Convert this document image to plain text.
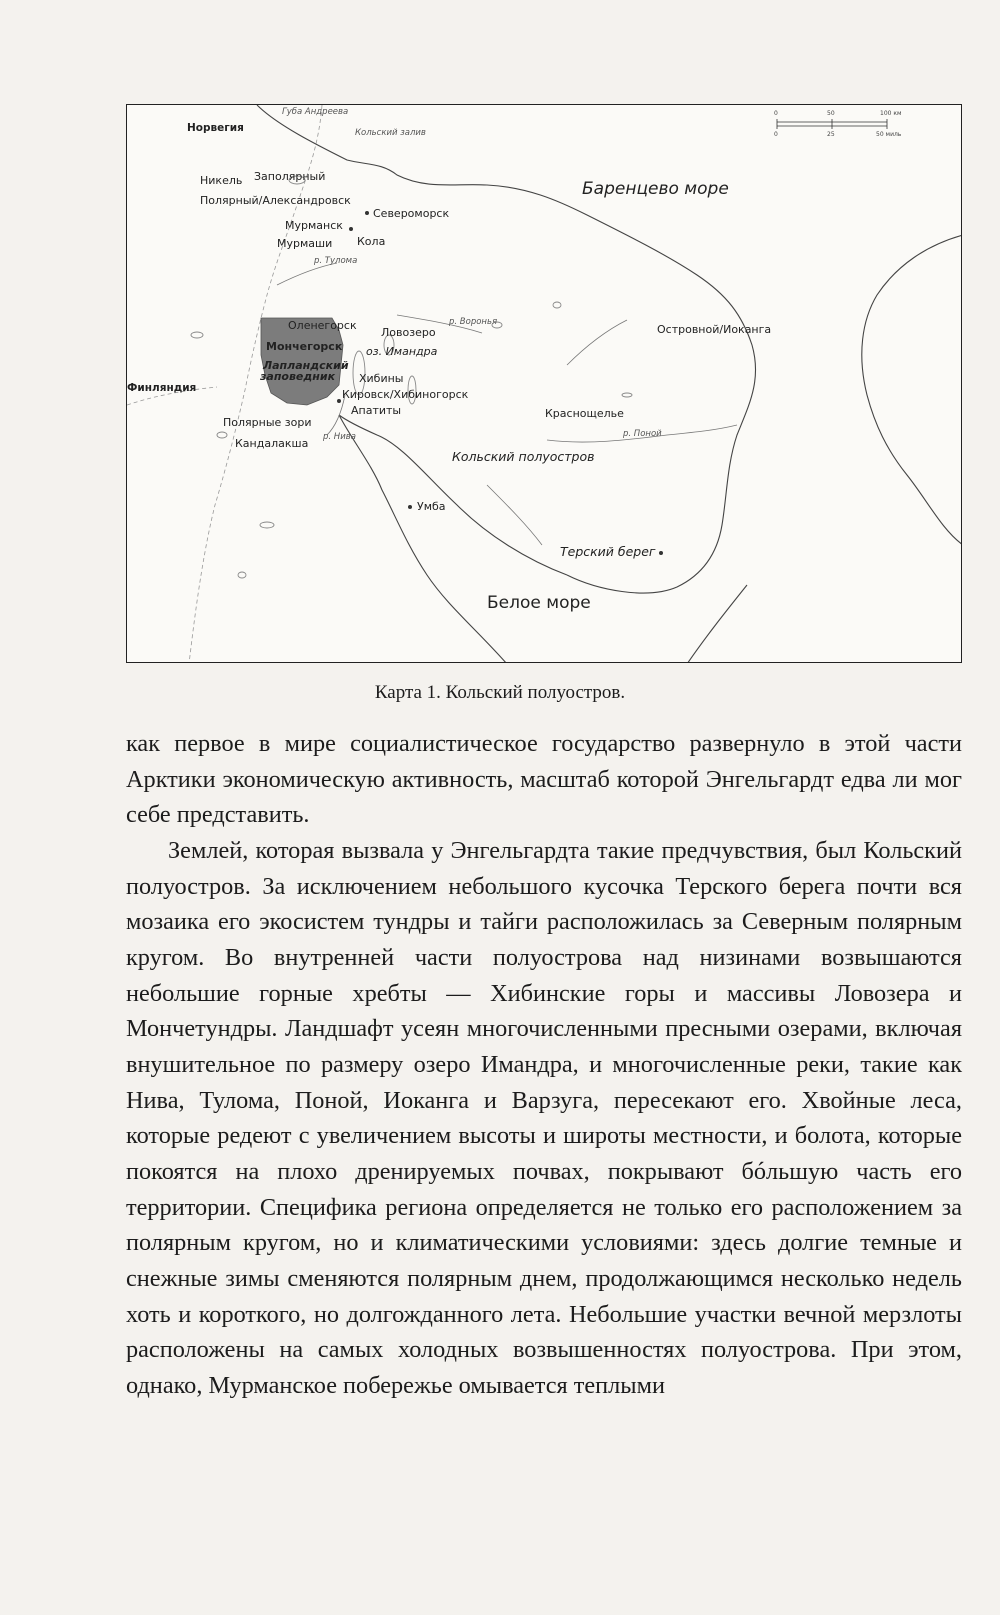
Норвегия
Губа Андреева
Кольский залив
Никель Заполярный
Полярный/Александровск
Североморск
Мурманск
Мурмаши Кола
р. Тулома
Финляндия
Оленегорск
Мончегорск
Лапландский
заповедник
Ловозеро
оз. Имандра
р. Воронья
Хибины
Кировск/Хибиногорск
Апатиты
Полярные зори
р. Нива
Кандалакша
Островной/Иоканга
Краснощелье
р. Поной
Кольский полуостров
Умба
Терский берег
Баренцево море
Белое море
0	50	100 км
0	25	50 миль
Карта 1. Кольский полуостров.

как первое в мире социалистическое государство развернуло в этой части Арктики экономическую активность, масштаб которой Энгельгардт едва ли мог себе представить.

Землей, которая вызвала у Энгельгардта такие предчувствия, был Кольский полуостров. За исключением небольшого кусочка Терского берега почти вся мозаика его экосистем тундры и тайги расположилась за Северным полярным кругом. Во внутренней части полуострова над низинами возвышаются небольшие горные хребты — Хибинские горы и массивы Ловозера и Мончетундры. Ландшафт усеян многочисленными пресными озерами, включая внушительное по размеру озеро Имандра, и многочисленные реки, такие как Нива, Тулома, Поной, Иоканга и Варзуга, пересекают его. Хвойные леса, которые редеют с увеличением высоты и широты местности, и болота, которые покоятся на плохо дренируемых почвах, покрывают бóльшую часть его территории. Специфика региона определяется не только его расположением за полярным кругом, но и климатическими условиями: здесь долгие темные и снежные зимы сменяются полярным днем, продолжающимся несколько недель хоть и короткого, но долгожданного лета. Небольшие участки вечной мерзлоты расположены на самых холодных возвышенностях полуострова. При этом, однако, Мурманское побережье омывается теплыми
